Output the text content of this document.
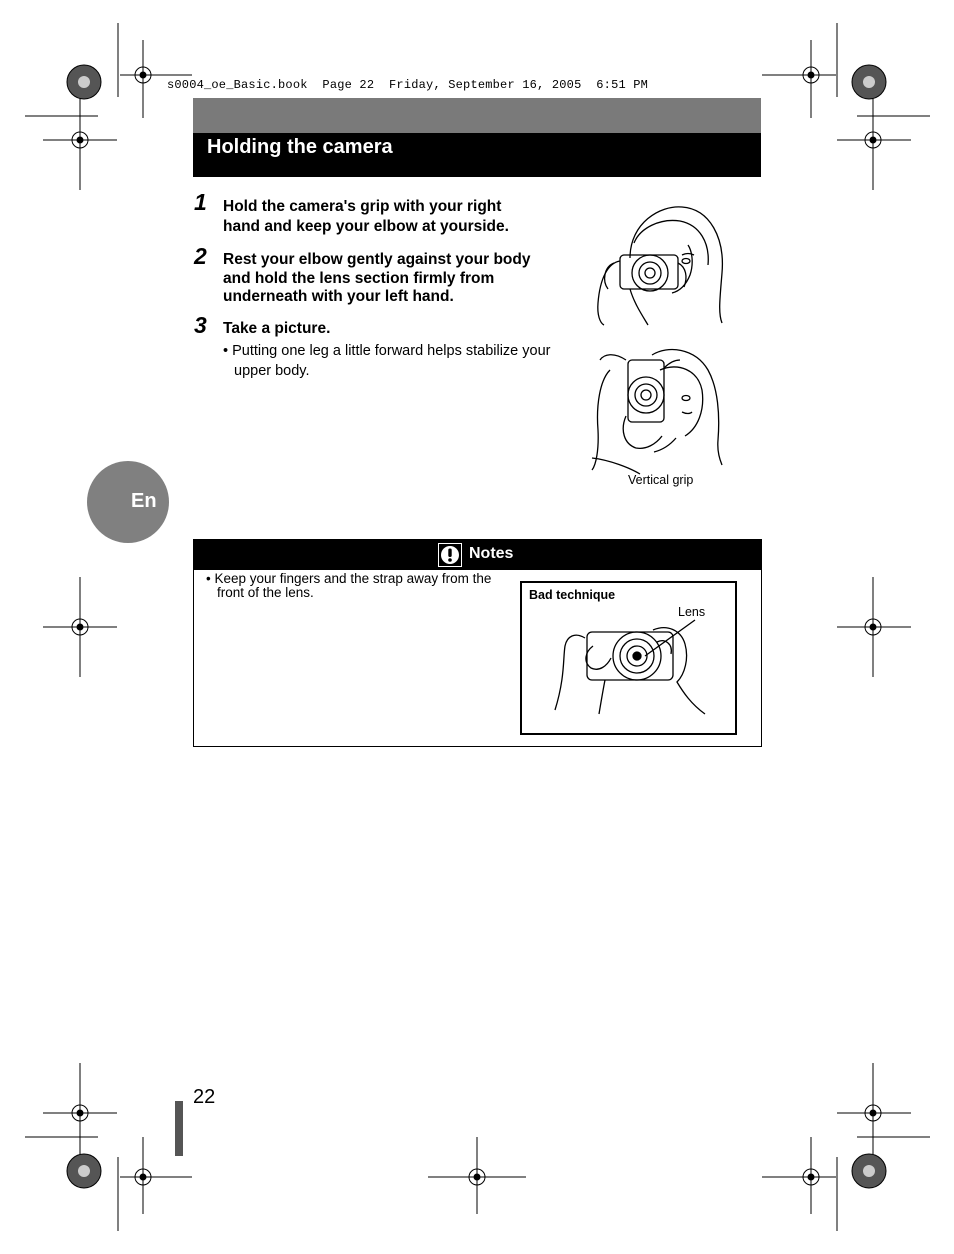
s0004_oe_Basic.book  Page 22  Friday, September 16, 2005  6:51 PM
Holding the camera
1 Hold the camera's grip with your right
hand and keep your elbow at yourside.
2 Rest your elbow gently against your body
and hold the lens section firmly from
underneath with your left hand.
3 Take a picture.
• Putting one leg a little forward helps stabilize your upper body.
Vertical grip
En
Notes
• Keep your fingers and the strap away from the front of the lens.	Bad technique
Lens
22
